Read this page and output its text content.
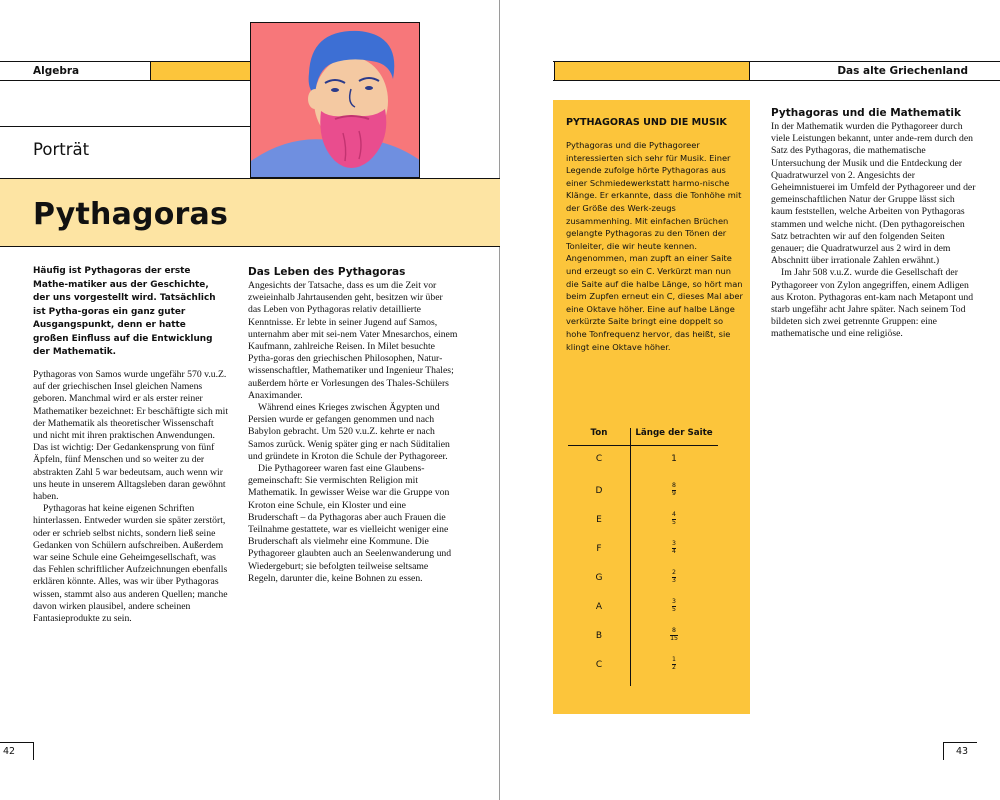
Algebra
Porträt
Pythagoras
Häufig ist Pythagoras der erste Mathe-matiker aus der Geschichte, der uns vorgestellt wird. Tatsächlich ist Pytha-goras ein ganz guter Ausgangspunkt, denn er hatte großen Einfluss auf die Entwicklung der Mathematik.

Pythagoras von Samos wurde ungefähr 570 v.u.Z. auf der griechischen Insel gleichen Namens geboren. Manchmal wird er als erster reiner Mathematiker bezeichnet: Er beschäftigte sich mit der Mathematik als theoretischer Wissenschaft und nicht mit ihren praktischen Anwendungen. Das ist wichtig: Der Gedankensprung von fünf Äpfeln, fünf Menschen und so weiter zu der abstrakten Zahl 5 war bedeutsam, auch wenn wir uns heute in unserem Alltagsleben daran gewöhnt haben.

Pythagoras hat keine eigenen Schriften hinterlassen. Entweder wurden sie später zerstört, oder er schrieb selbst nichts, sondern ließ seine Gedanken von Schülern aufschreiben. Außerdem war seine Schule eine Geheimgesellschaft, was das Fehlen schriftlicher Aufzeichnungen ebenfalls erklären könnte. Alles, was wir über Pythagoras wissen, stammt also aus anderen Quellen; manche davon wirken plausibel, andere scheinen Fantasieprodukte zu sein.

Das Leben des Pythagoras

Angesichts der Tatsache, dass es um die Zeit vor zweieinhalb Jahrtausenden geht, besitzen wir über das Leben von Pythagoras relativ detaillierte Kenntnisse. Er lebte in seiner Jugend auf Samos, unternahm aber mit sei-nem Vater Mnesarchos, einem Kaufmann, zahlreiche Reisen. In Milet besuchte Pytha-goras den griechischen Philosophen, Natur-wissenschaftler, Mathematiker und Ingenieur Thales; außerdem hörte er Vorlesungen des Thales-Schülers Anaximander.

Während eines Krieges zwischen Ägypten und Persien wurde er gefangen genommen und nach Babylon gebracht. Um 520 v.u.Z. kehrte er nach Samos zurück. Wenig später ging er nach Süditalien und gründete in Kroton die Schule der Pythagoreer.

Die Pythagoreer waren fast eine Glaubens-gemeinschaft: Sie vermischten Religion mit Mathematik. In gewisser Weise war die Gruppe von Kroton eine Schule, ein Kloster und eine Bruderschaft – da Pythagoras aber auch Frauen die Teilnahme gestattete, war es vielleicht weniger eine Bruderschaft als vielmehr eine Kommune. Die Pythagoreer glaubten auch an Seelenwanderung und Wiedergeburt; sie befolgten teilweise seltsame Regeln, darunter die, keine Bohnen zu essen.

42
Das alte Griechenland
PYTHAGORAS UND DIE MUSIK
Pythagoras und die Pythagoreer interessierten sich sehr für Musik. Einer Legende zufolge hörte Pythagoras aus einer Schmiedewerkstatt harmo-nische Klänge. Er erkannte, dass die Tonhöhe mit der Größe des Werk-zeugs zusammenhing. Mit einfachen Brüchen gelangte Pythagoras zu den Tönen der Tonleiter, die wir heute kennen. Angenommen, man zupft an einer Saite und erzeugt so ein C. Verkürzt man nun die Saite auf die halbe Länge, so hört man beim Zupfen erneut ein C, dieses Mal aber eine Oktave höher. Eine auf halbe Länge verkürzte Saite bringt eine doppelt so hohe Tonfrequenz hervor, das heißt, sie klingt eine Oktave höher.
Ton	Länge der Saite
C	1
D	$\frac{8}{9}$
E	$\frac{4}{5}$
F	$\frac{3}{4}$
G	$\frac{2}{3}$
A	$\frac{3}{5}$
B	$\frac{8}{15}$
C	$\frac{1}{2}$
Pythagoras und die Mathematik

In der Mathematik wurden die Pythagoreer durch viele Leistungen bekannt, unter ande-rem durch den Satz des Pythagoras, die mathematische Untersuchung der Musik und die Entdeckung der Quadratwurzel von 2. Angesichts der Geheimnistuerei im Umfeld der Pythagoreer und der gemeinschaftlichen Natur der Gruppe lässt sich kaum feststellen, welche Arbeiten von Pythagoras stammen und welche nicht. (Den pythagoreischen Satz betrachten wir auf den folgenden Seiten genauer; die Quadratwurzel aus 2 wird in dem Abschnitt über irrationale Zahlen erwähnt.)

Im Jahr 508 v.u.Z. wurde die Gesellschaft der Pythagoreer von Zylon angegriffen, einem Adligen aus Kroton. Pythagoras ent-kam nach Metapont und starb ungefähr acht Jahre später. Nach seinem Tod bildeten sich zwei getrennte Gruppen: eine mathematische und eine religiöse.

43
